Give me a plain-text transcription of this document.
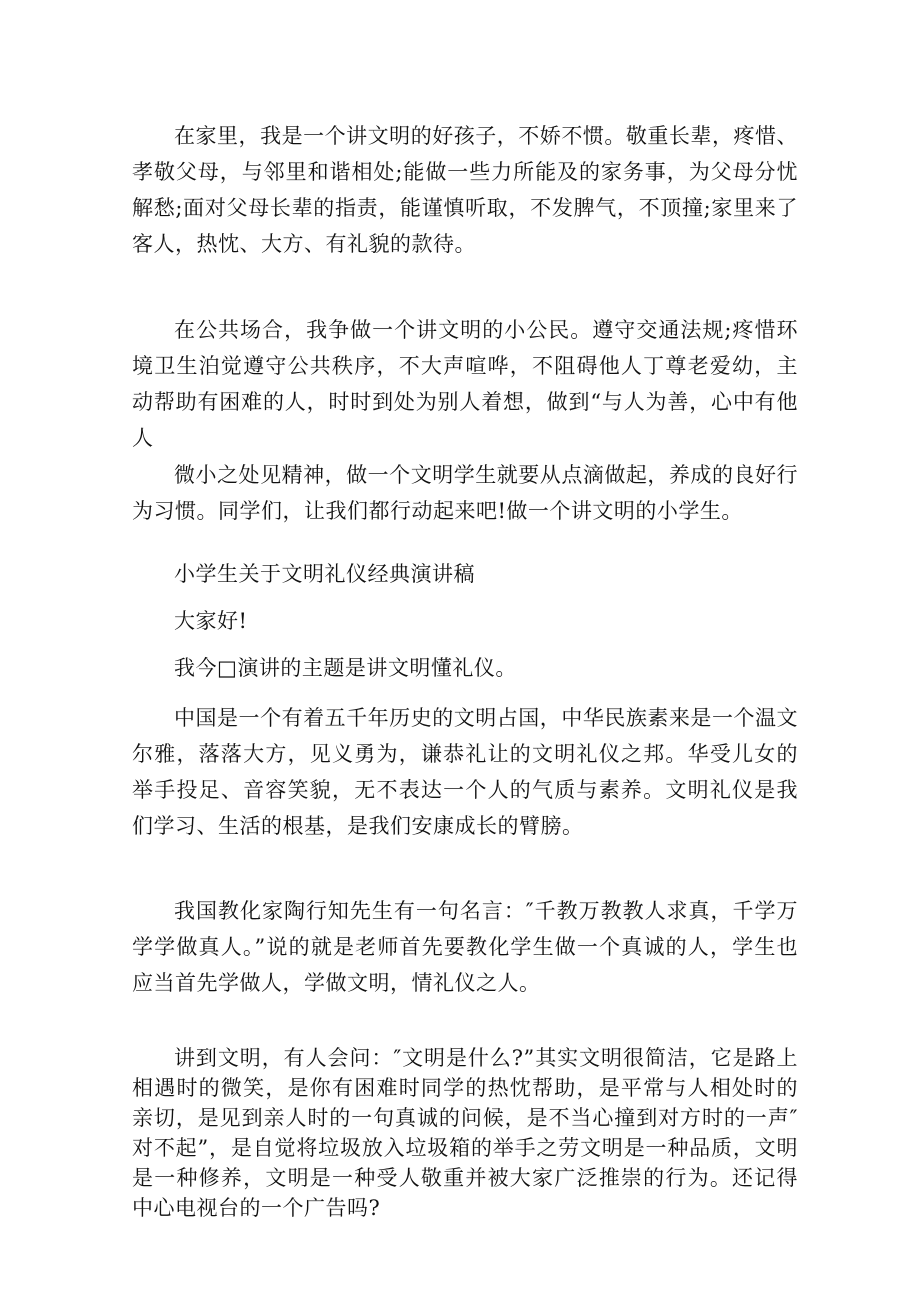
在家里，我是一个讲文明的好孩子，不娇不惯。敬重长辈，疼惜、孝敬父母，与邻里和谐相处;能做一些力所能及的家务事，为父母分忧解愁;面对父母长辈的指责，能谨慎听取，不发脾气，不顶撞;家里来了客人，热忱、大方、有礼貌的款待。

在公共场合，我争做一个讲文明的小公民。遵守交通法规;疼惜环境卫生泊觉遵守公共秩序，不大声喧哗，不阻碍他人丁尊老爱幼，主动帮助有困难的人，时时到处为别人着想，做到“与人为善，心中有他人

微小之处见精神，做一个文明学生就要从点滴做起，养成的良好行为习惯。同学们，让我们都行动起来吧!做一个讲文明的小学生。

小学生关于文明礼仪经典演讲稿

大家好!

我今□演讲的主题是讲文明懂礼仪。

中国是一个有着五千年历史的文明占国，中华民族素来是一个温文尔雅，落落大方，见义勇为，谦恭礼让的文明礼仪之邦。华受儿女的举手投足、音容笑貌，无不表达一个人的气质与素养。文明礼仪是我们学习、生活的根基，是我们安康成长的臂膀。

我国教化家陶行知先生有一句名言：″千教万教教人求真，千学万学学做真人。”说的就是老师首先要教化学生做一个真诚的人，学生也应当首先学做人，学做文明，情礼仪之人。

讲到文明，有人会问：″文明是什么?”其实文明很简洁，它是路上相遇时的微笑，是你有困难时同学的热忱帮助，是平常与人相处时的亲切，是见到亲人时的一句真诚的问候，是不当心撞到对方时的一声″对不起”，是自觉将垃圾放入垃圾箱的举手之劳文明是一种品质，文明是一种修养，文明是一种受人敬重并被大家广泛推崇的行为。还记得中心电视台的一个广告吗?
